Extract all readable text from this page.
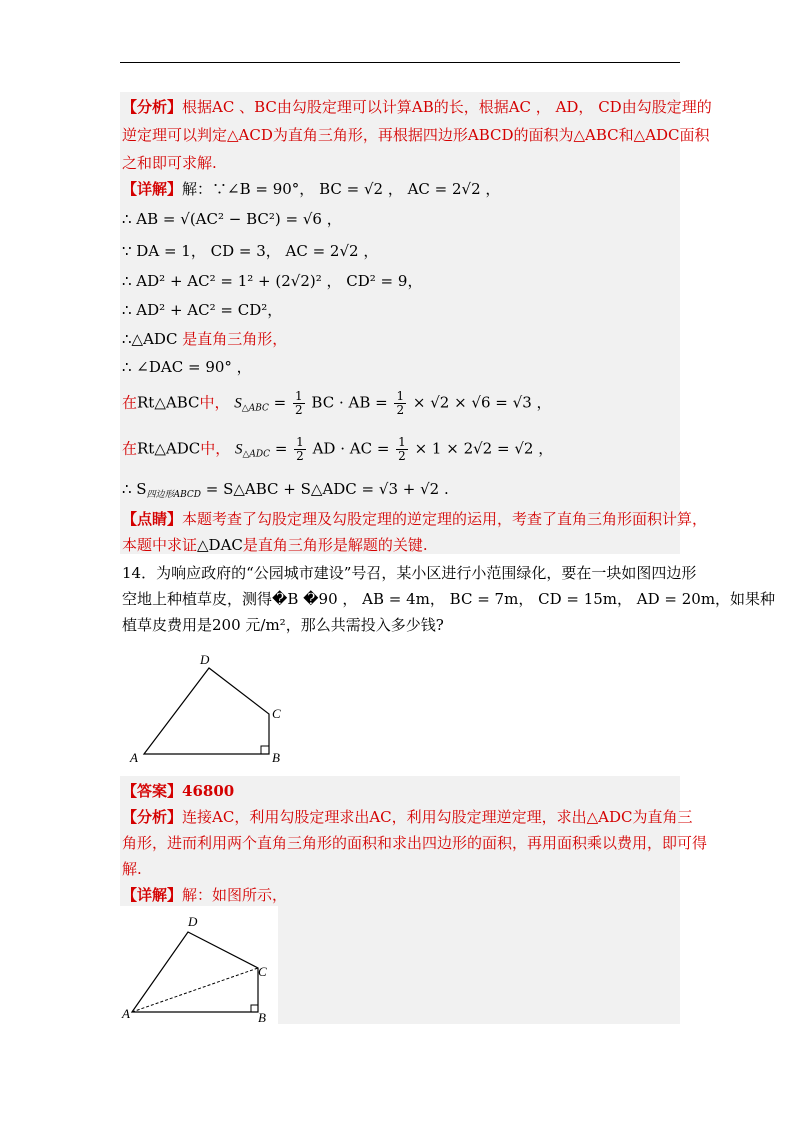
【分析】根据AC 、BC由勾股定理可以计算AB的长，根据AC ， AD， CD由勾股定理的
逆定理可以判定△ACD为直角三角形，再根据四边形ABCD的面积为△ABC和△ADC面积
之和即可求解.
【详解】解：∵∠B = 90°， BC = √2 ， AC = 2√2 ，
∴ AB = √(AC² − BC²) = √6 ，
∵ DA = 1， CD = 3， AC = 2√2 ，
∴ AD² + AC² = 1² + (2√2)² ， CD² = 9，
∴ AD² + AC² = CD²，
∴△ADC 是直角三角形，
∴ ∠DAC = 90° ，
在Rt△ABC中， $S_{\triangle ABC} = \frac{1}{2}$ BC · AB = $\frac{1}{2} \times √2 \times √6 = √3$ ，
在Rt△ADC中， $S_{\triangle ADC} = \frac{1}{2}$ AD · AC = $\frac{1}{2} \times 1 \times 2√2 = √2$ ，
∴ $S_{四边形ABCD}$ = S△ABC + S△ADC = √3 + √2 .
【点睛】本题考查了勾股定理及勾股定理的逆定理的运用，考查了直角三角形面积计算，
本题中求证△DAC是直角三角形是解题的关键.
14．为响应政府的“公园城市建设”号召，某小区进行小范围绿化，要在一块如图四边形
空地上种植草皮，测得�B �90 ， AB = 4m， BC = 7m， CD = 15m， AD = 20m，如果种
植草皮费用是200 元/m²，那么共需投入多少钱?
D
C
A	B
【答案】46800
【分析】连接AC，利用勾股定理求出AC，利用勾股定理逆定理，求出△ADC为直角三
角形，进而利用两个直角三角形的面积和求出四边形的面积，再用面积乘以费用，即可得
解.
【详解】解：如图所示，
D
C
A	B
